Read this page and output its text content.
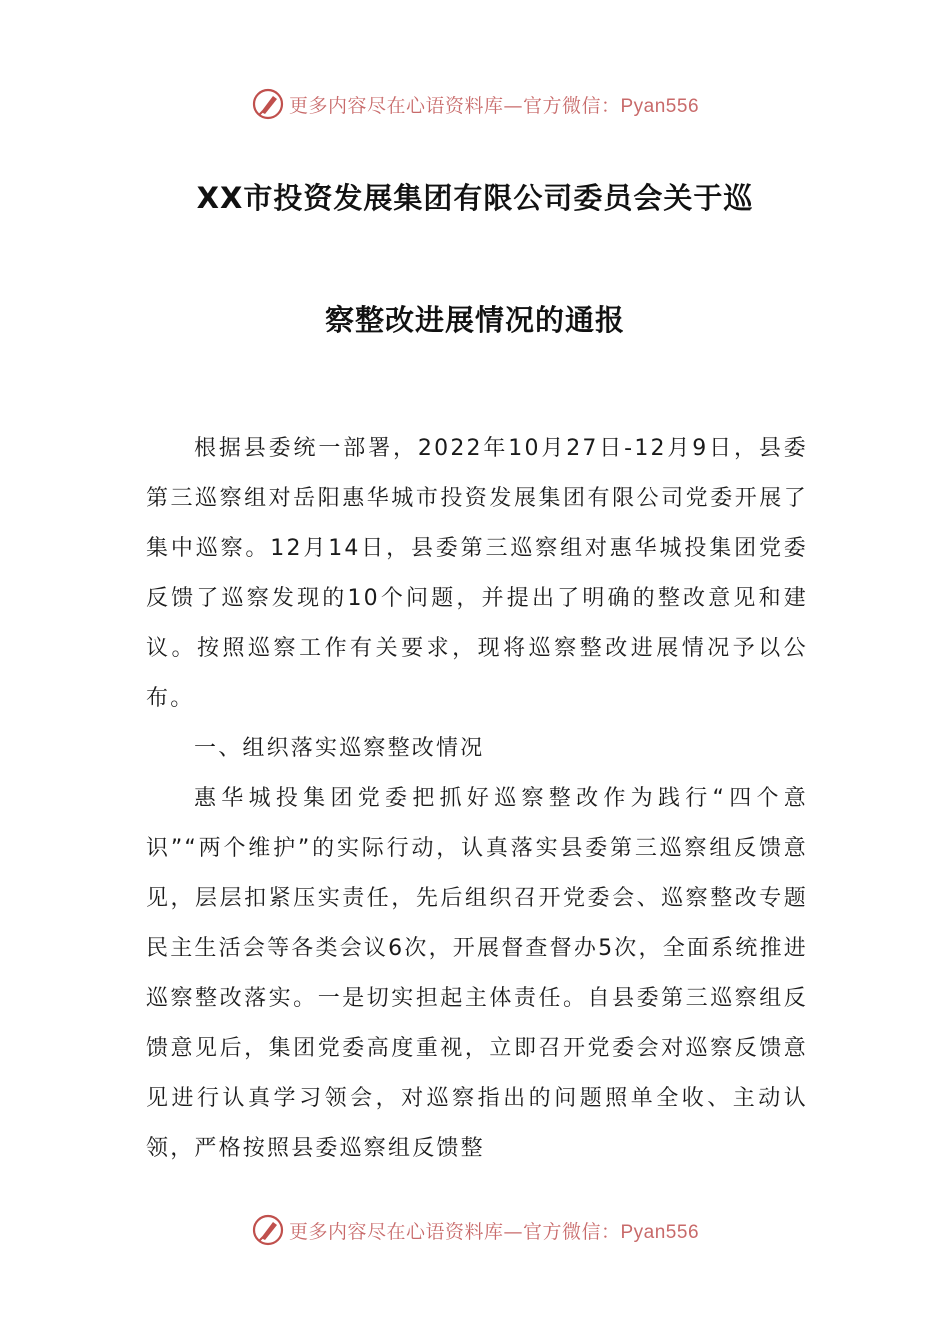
更多内容尽在心语资料库—官方微信：Pyan556
XX市投资发展集团有限公司委员会关于巡
察整改进展情况的通报
根据县委统一部署，2022年10月27日-12月9日，县委第三巡察组对岳阳惠华城市投资发展集团有限公司党委开展了集中巡察。12月14日，县委第三巡察组对惠华城投集团党委反馈了巡察发现的10个问题，并提出了明确的整改意见和建议。按照巡察工作有关要求，现将巡察整改进展情况予以公布。
一、组织落实巡察整改情况
惠华城投集团党委把抓好巡察整改作为践行“四个意识”“两个维护”的实际行动，认真落实县委第三巡察组反馈意见，层层扣紧压实责任，先后组织召开党委会、巡察整改专题民主生活会等各类会议6次，开展督查督办5次，全面系统推进巡察整改落实。一是切实担起主体责任。自县委第三巡察组反馈意见后，集团党委高度重视，立即召开党委会对巡察反馈意见进行认真学习领会，对巡察指出的问题照单全收、主动认领，严格按照县委巡察组反馈整
更多内容尽在心语资料库—官方微信：Pyan556
